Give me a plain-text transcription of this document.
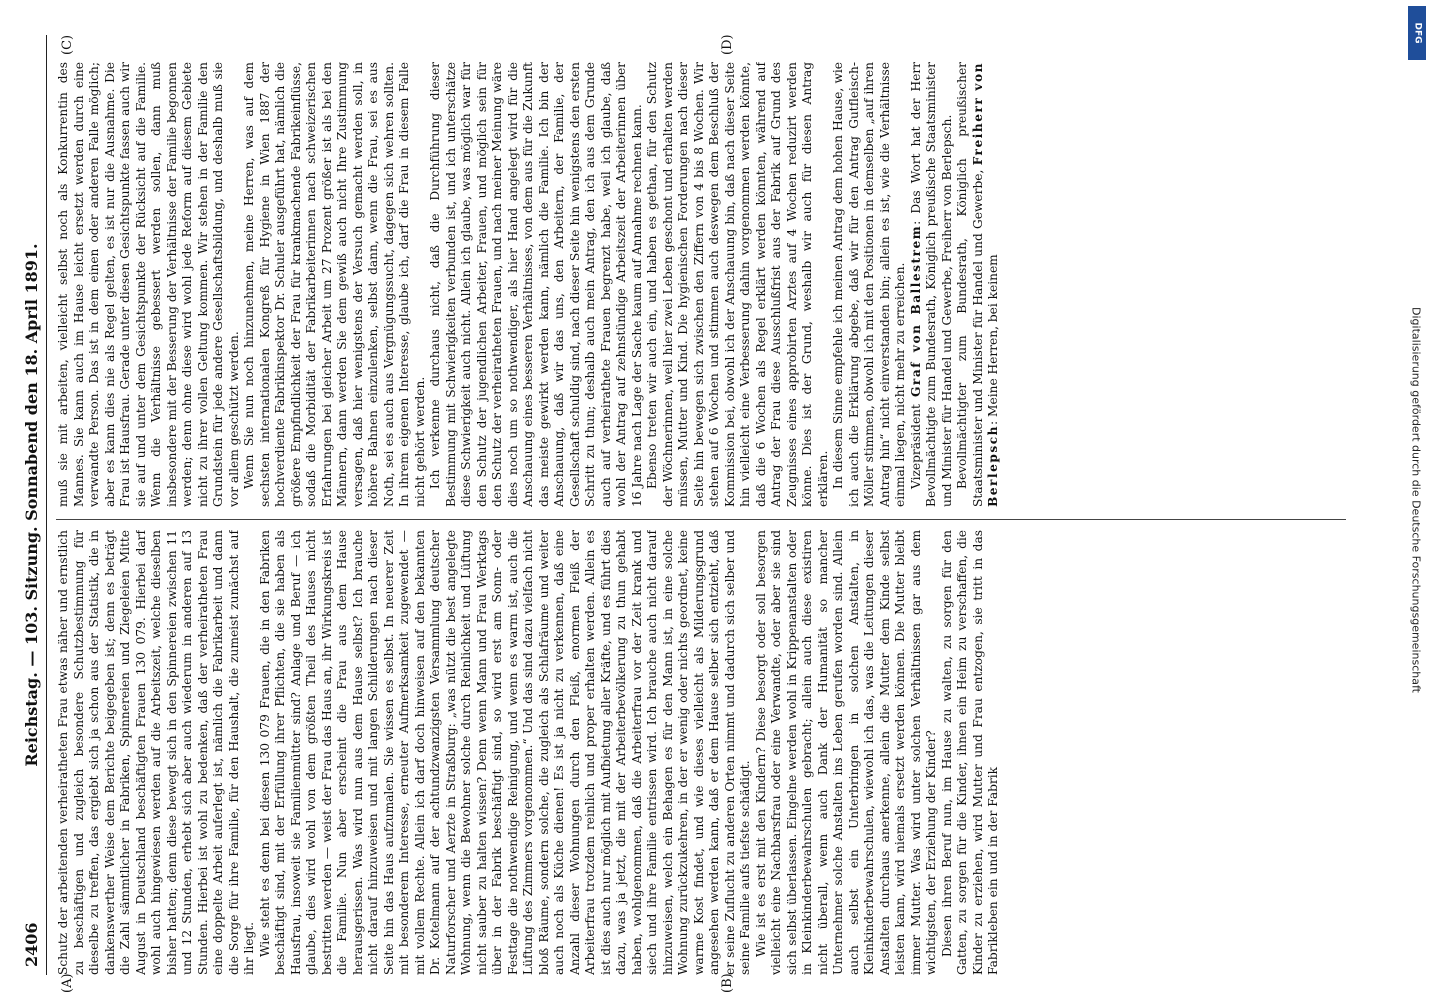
2406
Reichstag. — 103. Sitzung. Sonnabend den 18. April 1891.
(A)	(B)
(C)	(D)

Schutz der arbeitenden verheiratheten Frau etwas näher und ernstlich zu beschäftigen und zugleich besondere Schutzbestimmung für dieselbe zu treffen, das ergiebt sich ja schon aus der Statistik, die in dankenswerther Weise dem Berichte beigegeben ist; denn es beträgt die Zahl sämmtlicher in Fabriken, Spinnereien und Ziegeleien Mitte August in Deutschland beschäftigten Frauen 130 079. Hierbei darf wohl auch hingewiesen werden auf die Arbeitszeit, welche dieselben bisher hatten; denn diese bewegt sich in den Spinnereien zwischen 11 und 12 Stunden, erhebt sich aber auch wiederum in anderen auf 13 Stunden. Hierbei ist wohl zu bedenken, daß der verheiratheten Frau eine doppelte Arbeit auferlegt ist, nämlich die Fabrikarbeit und dann die Sorge für ihre Familie, für den Haushalt, die zumeist zunächst auf ihr liegt. Wie steht es denn bei diesen 130 079 Frauen, die in den Fabriken beschäftigt sind, mit der Erfüllung ihrer Pflichten, die sie haben als Hausfrau, insoweit sie Familienmütter sind? Anlage und Beruf — ich glaube, dies wird wohl von dem größten Theil des Hauses nicht bestritten werden — weist der Frau das Haus an, ihr Wirkungskreis ist die Familie. Nun aber erscheint die Frau aus dem Hause herausgerissen. Was wird nun aus dem Hause selbst? Ich brauche nicht darauf hinzuweisen und mit langen Schilderungen nach dieser Seite hin das Haus aufzumalen. Sie wissen es selbst. In neuerer Zeit mit besonderem Interesse, erneuter Aufmerksamkeit zugewendet — mit vollem Rechte. Allein ich darf doch hinweisen auf den bekannten Dr. Kotelmann auf der achtundzwanzigsten Versammlung deutscher Naturforscher und Aerzte in Straßburg: „was nützt die best angelegte Wohnung, wenn die Bewohner solche durch Reinlichkeit und Lüftung nicht sauber zu halten wissen? Denn wenn Mann und Frau Werktags über in der Fabrik beschäftigt sind, so wird erst am Sonn- oder Festtage die nothwendige Reinigung, und wenn es warm ist, auch die Lüftung des Zimmers vorgenommen.“ Und das sind dazu vielfach nicht bloß Räume, sondern solche, die zugleich als Schlafräume und weiter auch noch als Küche dienen! Es ist ja nicht zu verkennen, daß eine Anzahl dieser Wohnungen durch den Fleiß, enormen Fleiß der Arbeiterfrau trotzdem reinlich und proper erhalten werden. Allein es ist dies auch nur möglich mit Aufbietung aller Kräfte, und es führt dies dazu, was ja jetzt, die mit der Arbeiterbevölkerung zu thun gehabt haben, wohlgenommen, daß die Arbeiterfrau vor der Zeit krank und siech und ihre Familie entrissen wird. Ich brauche auch nicht darauf hinzuweisen, welch ein Behagen es für den Mann ist, in eine solche Wohnung zurückzukehren, in der er wenig oder nichts geordnet, keine warme Kost findet, und wie dieses vielleicht als Milderungsgrund angesehen werden kann, daß er dem Hause selber sich entzieht, daß er seine Zuflucht zu anderen Orten nimmt und dadurch sich selber und seine Familie aufs tiefste schädigt. Wie ist es erst mit den Kindern? Diese besorgt oder soll besorgen vielleicht eine Nachbarsfrau oder eine Verwandte, oder aber sie sind sich selbst überlassen. Eingelne werden wohl in Krippenanstalten oder in Kleinkinderbewahrschulen gebracht; allein auch diese existiren nicht überall, wenn auch Dank der Humanität so mancher Unternehmer solche Anstalten ins Leben gerufen worden sind. Allein auch selbst ein Unterbringen in solchen Anstalten, in Kleinkinderbewahrschulen, wiewohl ich das, was die Leitungen dieser Anstalten durchaus anerkenne, allein die Mutter dem Kinde selbst leisten kann, wird niemals ersetzt werden können. Die Mutter bleibt immer Mutter. Was wird unter solchen Verhältnissen gar aus dem wichtigsten, der Erziehung der Kinder? Diesen ihren Beruf nun, im Hause zu walten, zu sorgen für den Gatten, zu sorgen für die Kinder, ihnen ein Heim zu verschaffen, die Kinder zu erziehen, wird Mutter und Frau entzogen, sie tritt in das Fabrikleben ein und in der Fabrik

muß sie mit arbeiten, vielleicht selbst noch als Konkurrentin des Mannes. Sie kann auch im Hause leicht ersetzt werden durch eine verwandte Person. Das ist in dem einen oder anderen Falle möglich; aber es kann dies nie als Regel gelten, es ist nur die Ausnahme. Die Frau ist Hausfrau. Gerade unter diesen Gesichtspunkte fassen auch wir sie auf und unter dem Gesichtspunkte der Rücksicht auf die Familie. Wenn die Verhältnisse gebessert werden sollen, dann muß insbesondere mit der Besserung der Verhältnisse der Familie begonnen werden; denn ohne diese wird wohl jede Reform auf diesem Gebiete nicht zu ihrer vollen Geltung kommen. Wir stehen in der Familie den Grundstein für jede andere Gesellschaftsbildung, und deshalb muß sie vor allem geschützt werden. Wenn Sie nun noch hinzunehmen, meine Herren, was auf dem sechsten internationalen Kongreß für Hygiene in Wien 1887 der hochverdiente Fabrikinspektor Dr. Schuler ausgeführt hat, nämlich die größere Empfindlichkeit der Frau für krankmachende Fabrikeinflüsse, sodaß die Morbidität der Fabrikarbeiterinnen nach schweizerischen Erfahrungen bei gleicher Arbeit um 27 Prozent größer ist als bei den Männern, dann werden Sie dem gewiß auch nicht Ihre Zustimmung versagen, daß hier wenigstens der Versuch gemacht werden soll, in höhere Bahnen einzulenken, selbst dann, wenn die Frau, sei es aus Noth, sei es auch aus Vergnügungssucht, dagegen sich wehren sollten. In ihrem eigenen Interesse, glaube ich, darf die Frau in diesem Falle nicht gehört werden. Ich verkenne durchaus nicht, daß die Durchführung dieser Bestimmung mit Schwierigkeiten verbunden ist, und ich unterschätze diese Schwierigkeit auch nicht. Allein ich glaube, was möglich war für den Schutz der jugendlichen Arbeiter, Frauen, und möglich sein für den Schutz der verheiratheten Frauen, und nach meiner Meinung wäre dies noch um so nothwendiger, als hier Hand angelegt wird für die Anschauung eines besseren Verhältnisses, von dem aus für die Zukunft das meiste gewirkt werden kann, nämlich die Familie. Ich bin der Anschauung, daß wir das uns, den Arbeitern, der Familie, der Gesellschaft schuldig sind, nach dieser Seite hin wenigstens den ersten Schritt zu thun; deshalb auch mein Antrag, den ich aus dem Grunde auch auf verheirathete Frauen begrenzt habe, weil ich glaube, daß wohl der Antrag auf zehnstündige Arbeitszeit der Arbeiterinnen über 16 Jahre nach Lage der Sache kaum auf Annahme rechnen kann. Ebenso treten wir auch ein, und haben es gethan, für den Schutz der Wöchnerinnen, weil hier zwei Leben geschont und erhalten werden müssen, Mutter und Kind. Die hygienischen Forderungen nach dieser Seite hin bewegen sich zwischen den Ziffern von 4 bis 8 Wochen. Wir stehen auf 6 Wochen und stimmen auch deswegen dem Beschluß der Kommission bei, obwohl ich der Anschauung bin, daß nach dieser Seite hin vielleicht eine Verbesserung dahin vorgenommen werden könnte, daß die 6 Wochen als Regel erklärt werden könnten, während auf Antrag der Frau diese Ausschlußfrist aus der Fabrik auf Grund des Zeugnisses eines approbirten Arztes auf 4 Wochen reduzirt werden könne. Dies ist der Grund, weshalb wir auch für diesen Antrag erklären. In diesem Sinne empfehle ich meinen Antrag dem hohen Hause, wie ich auch die Erklärung abgebe, daß wir für den Antrag Gutfleisch-Möller stimmen, obwohl ich mit den Positionen in demselben „auf ihren Antrag hin“ nicht einverstanden bin; allein es ist, wie die Verhältnisse einmal liegen, nicht mehr zu erreichen. Vizepräsident Graf von Ballestrem: Das Wort hat der Herr Bevollmächtigte zum Bundesrath, Königlich preußische Staatsminister und Minister für Handel und Gewerbe, Freiherr von Berlepsch. Bevollmächtigter zum Bundesrath, Königlich preußischer Staatsminister und Minister für Handel und Gewerbe, Freiherr von Berlepsch: Meine Herren, bei keinem

DFG
Digitalisierung gefördert durch die Deutsche Forschungsgemeinschaft
